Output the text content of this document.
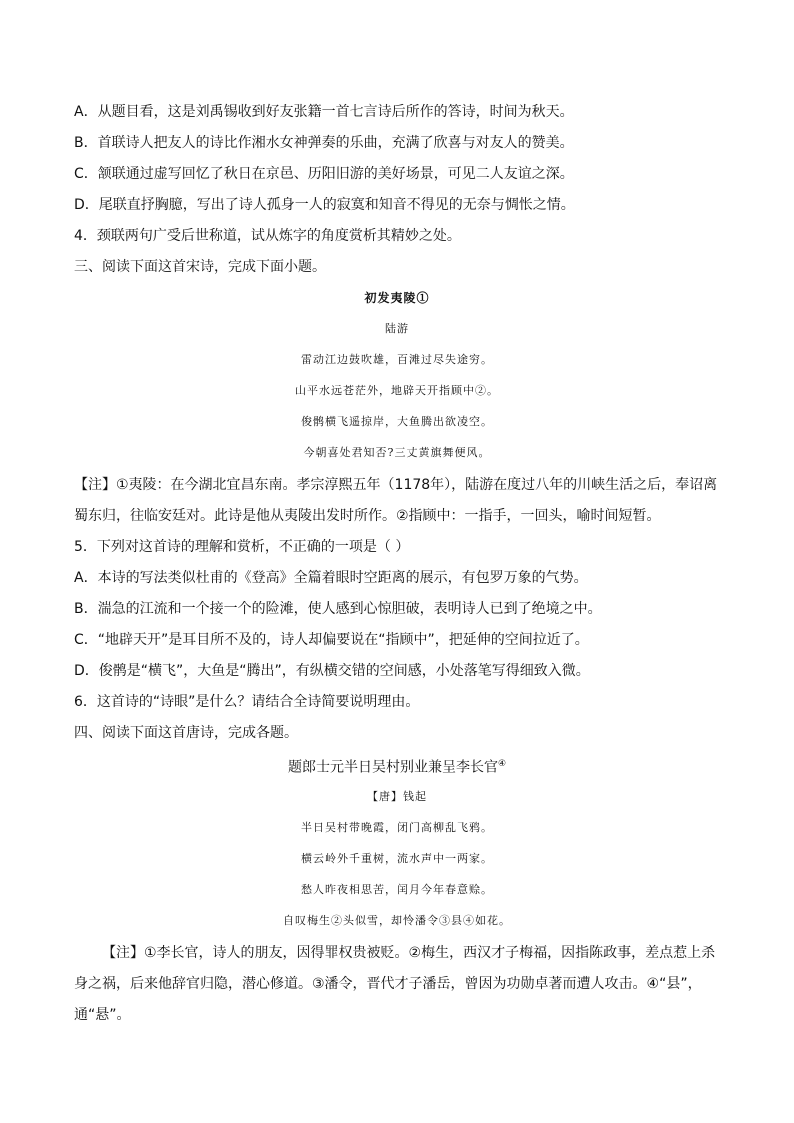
A．从题目看，这是刘禹锡收到好友张籍一首七言诗后所作的答诗，时间为秋天。
B．首联诗人把友人的诗比作湘水女神弹奏的乐曲，充满了欣喜与对友人的赞美。
C．颔联通过虚写回忆了秋日在京邑、历阳旧游的美好场景，可见二人友谊之深。
D．尾联直抒胸臆，写出了诗人孤身一人的寂寞和知音不得见的无奈与惆怅之情。
4．颈联两句广受后世称道，试从炼字的角度赏析其精妙之处。
三、阅读下面这首宋诗，完成下面小题。
初发夷陵①
陆游
雷动江边鼓吹雄，百滩过尽失途穷。
山平水远苍茫外，地辟天开指顾中②。
俊鹘横飞遥掠岸，大鱼腾出欲凌空。
今朝喜处君知否?三丈黄旗舞便风。
【注】①夷陵：在今湖北宜昌东南。孝宗淳熙五年（1178年），陆游在度过八年的川峡生活之后，奉诏离蜀东归，往临安廷对。此诗是他从夷陵出发时所作。②指顾中：一指手，一回头，喻时间短暂。
5．下列对这首诗的理解和赏析，不正确的一项是（ ）
A．本诗的写法类似杜甫的《登高》全篇着眼时空距离的展示，有包罗万象的气势。
B．湍急的江流和一个接一个的险滩，使人感到心惊胆破，表明诗人已到了绝境之中。
C．“地辟天开”是耳目所不及的，诗人却偏要说在“指顾中”，把延伸的空间拉近了。
D．俊鹘是“横飞”，大鱼是“腾出”，有纵横交错的空间感，小处落笔写得细致入微。
6．这首诗的“诗眼”是什么？请结合全诗简要说明理由。
四、阅读下面这首唐诗，完成各题。
题郎士元半日吴村别业兼呈李长官④
【唐】钱起
半日吴村带晚霞，闭门高柳乱飞鸦。
横云岭外千重树，流水声中一两家。
愁人昨夜相思苦，闰月今年春意赊。
自叹梅生②头似雪，却怜潘令③县④如花。
【注】①李长官，诗人的朋友，因得罪权贵被贬。②梅生，西汉才子梅福，因指陈政事，差点惹上杀身之祸，后来他辞官归隐，潜心修道。③潘令，晋代才子潘岳，曾因为功勋卓著而遭人攻击。④“县”，通“悬”。
